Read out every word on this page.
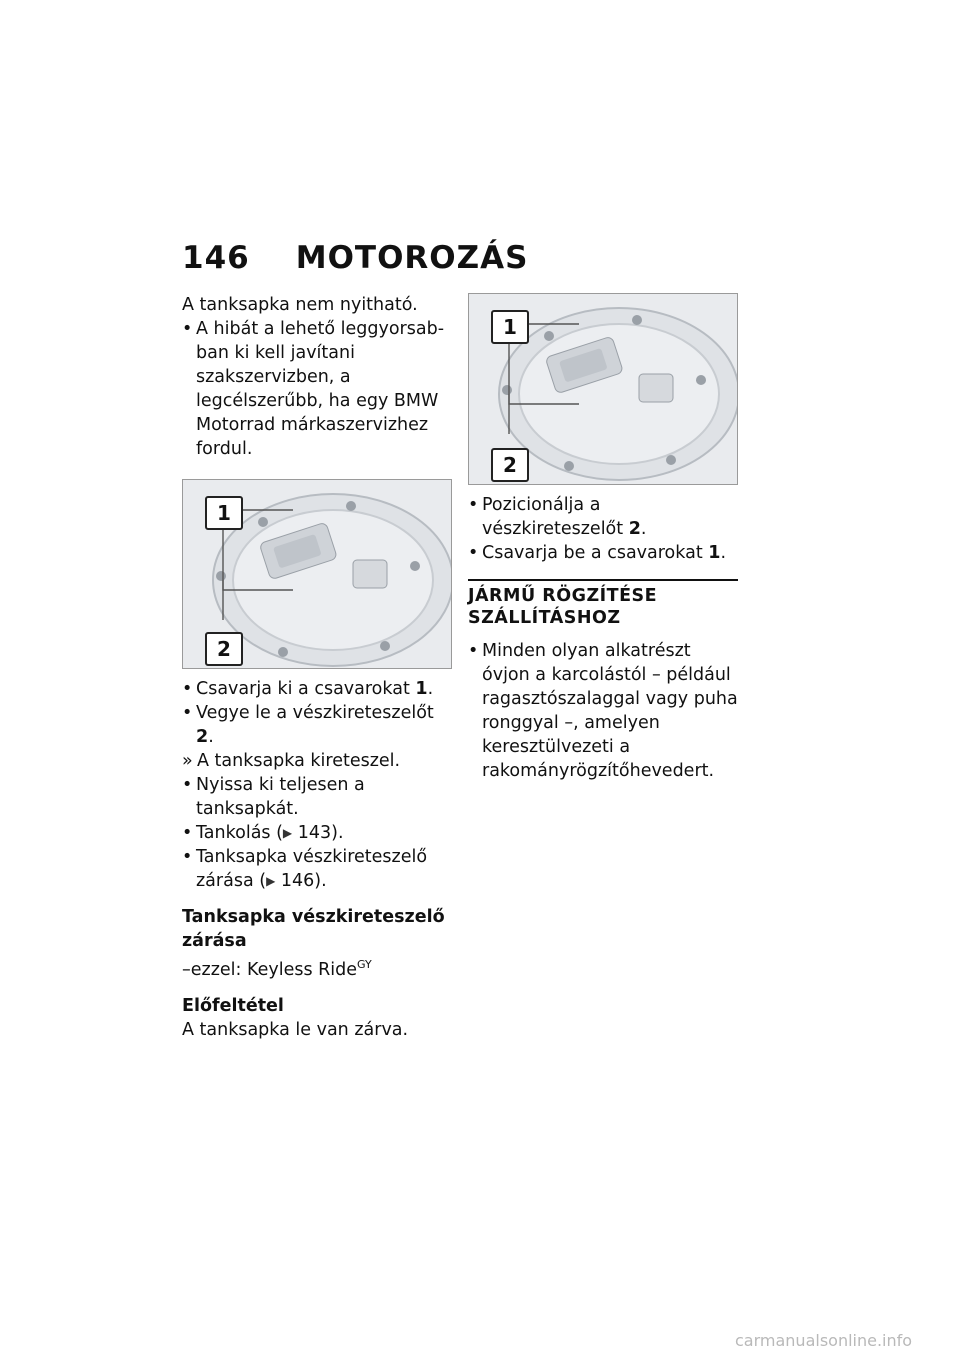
146 MOTOROZÁS

A tanksapka nem nyitható.

• A hibát a lehető leggyorsabban ki kell javítani szakszervizben, a legcélszerűbb, ha egy BMW Motorrad márkaszervizhez fordul.

1
2

• Csavarja ki a csavarokat 1.

• Vegye le a vészkireteszelőt 2.

» A tanksapka kireteszel.

• Nyissa ki teljesen a tanksapkát.

• Tankolás (▶ 143).

• Tanksapka vészkireteszelő zárása (▶ 146).

Tanksapka vészkireteszelő zárása

–ezzel: Keyless Ride$^{GY}$

Előfeltétel

A tanksapka le van zárva.

1
2

• Pozicionálja a vészkireteszelőt 2.

• Csavarja be a csavarokat 1.

JÁRMŰ RÖGZÍTÉSE SZÁLLÍTÁSHOZ

• Minden olyan alkatrészt óvjon a karcolástól – például ragasztószalaggal vagy puha ronggyal –, amelyen keresztülvezeti a rakományrögzítőhevedert.

carmanualsonline.info
